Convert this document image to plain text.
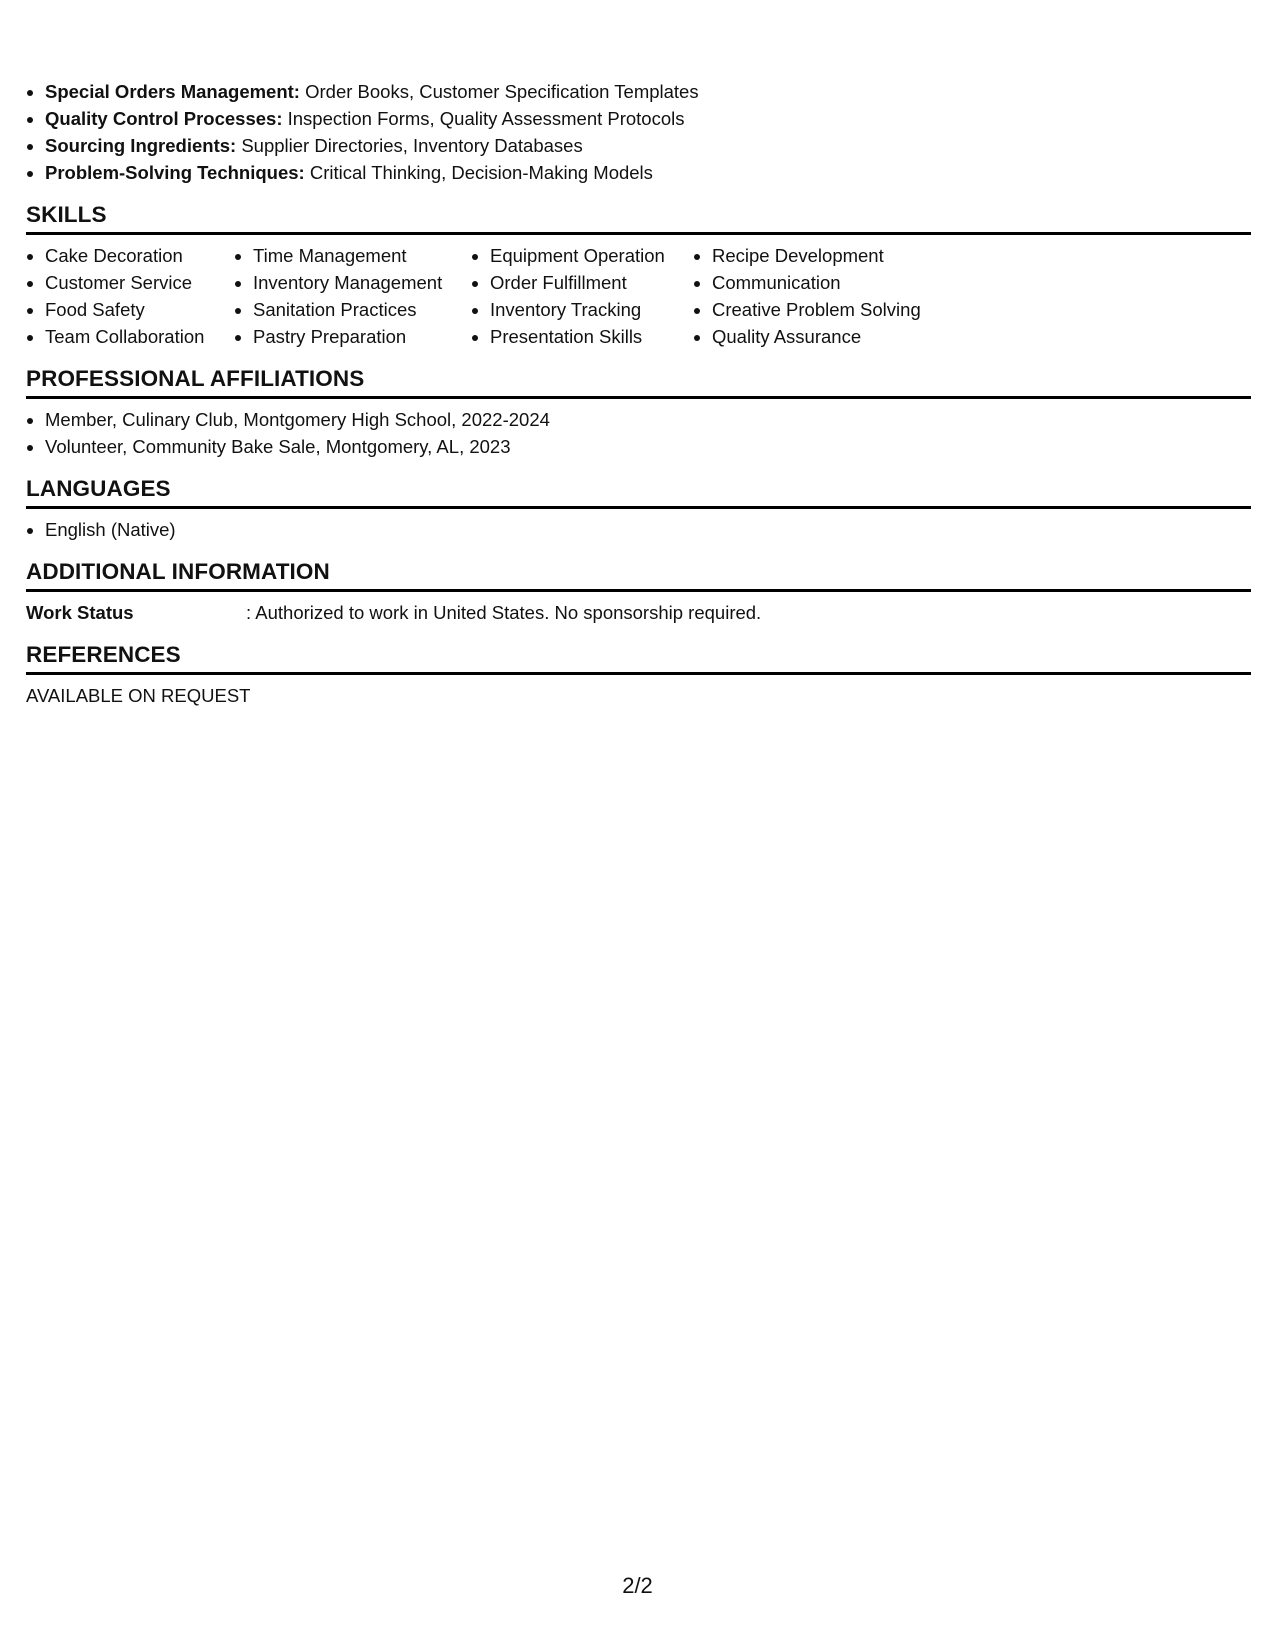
• Special Orders Management: Order Books, Customer Specification Templates
• Quality Control Processes: Inspection Forms, Quality Assessment Protocols
• Sourcing Ingredients: Supplier Directories, Inventory Databases
• Problem-Solving Techniques: Critical Thinking, Decision-Making Models
SKILLS
• Cake Decoration
• Customer Service
• Food Safety
• Team Collaboration
• Time Management
• Inventory Management
• Sanitation Practices
• Pastry Preparation
• Equipment Operation
• Order Fulfillment
• Inventory Tracking
• Presentation Skills
• Recipe Development
• Communication
• Creative Problem Solving
• Quality Assurance
PROFESSIONAL AFFILIATIONS
• Member, Culinary Club, Montgomery High School, 2022-2024
• Volunteer, Community Bake Sale, Montgomery, AL, 2023
LANGUAGES
• English (Native)
ADDITIONAL INFORMATION
Work Status	: Authorized to work in United States. No sponsorship required.
REFERENCES
AVAILABLE ON REQUEST
2/2
